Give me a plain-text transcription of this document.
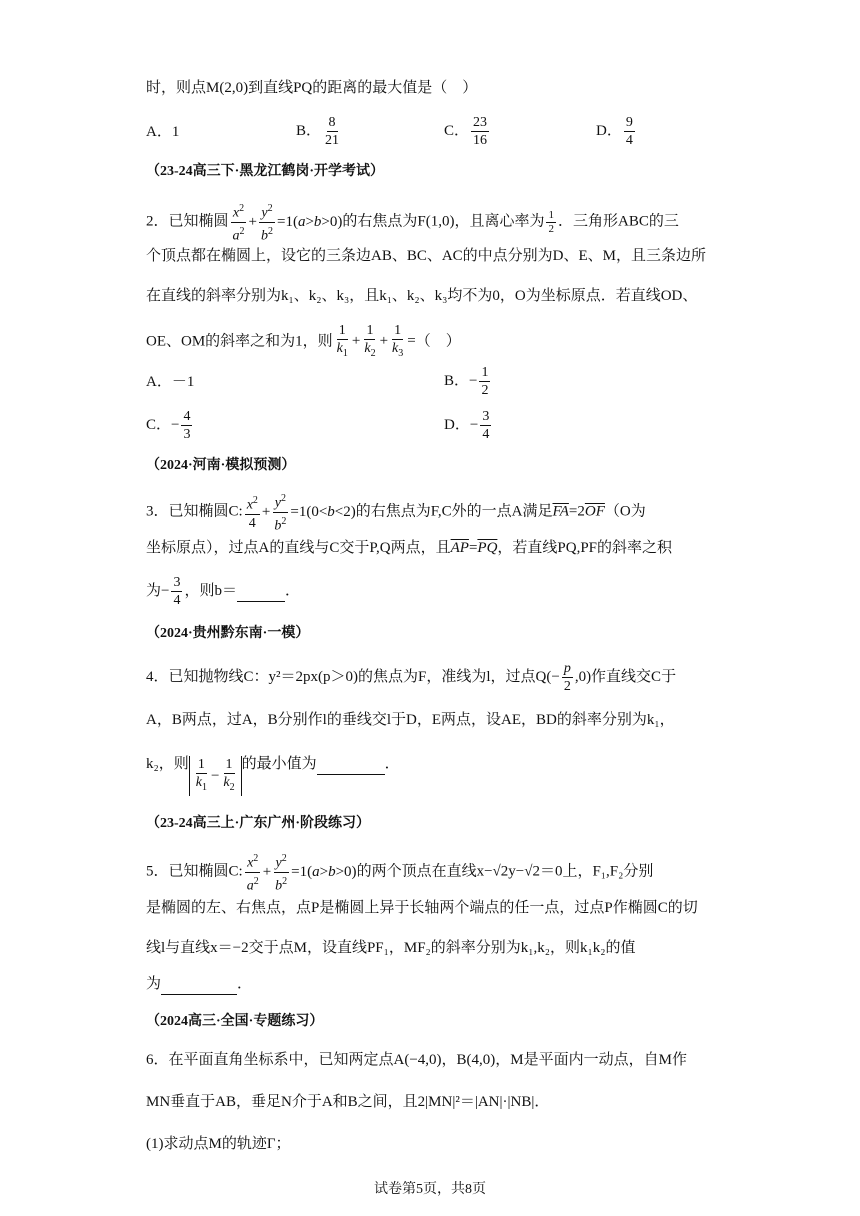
时，则点M(2,0)到直线PQ的距离的最大值是（　）
A．1	B． $\frac{8}{21}$	C． $\frac{23}{16}$	D． $\frac{9}{4}$
（23-24高三下·黑龙江鹤岗·开学考试）
2．已知椭圆 $\frac{x^2}{a^2} + \frac{y^2}{b^2} =1(a>b>0)$的右焦点为F(1,0)，且离心率为 $\frac{1}{2}$ ．三角形ABC的三
个顶点都在椭圆上，设它的三条边AB、BC、AC的中点分别为D、E、M，且三条边所
在直线的斜率分别为k₁、k₂、k₃，且k₁、k₂、k₃均不为0，O为坐标原点．若直线OD、
OE、OM的斜率之和为1，则 $\frac{1}{k_1} + \frac{1}{k_2} + \frac{1}{k_3}$ =（　）
A．－1	B．− $\frac{1}{2}$
C．− $\frac{4}{3}$	D．− $\frac{3}{4}$
（2024·河南·模拟预测）
3．已知椭圆C: $\frac{x^2}{4} + \frac{y^2}{b^2} =1(0<b<2)$的右焦点为F,C外的一点A满足$\overline{FA}=2\overline{OF}(O$为
坐标原点），过点A的直线与C交于P,Q两点，且$\overline{AP}=\overline{PQ}$，若直线PQ,PF的斜率之积
为− $\frac{3}{4}$ ，则b＝	．
（2024·贵州黔东南·一模）
4．已知抛物线C：y²＝2px(p＞0)的焦点为F，准线为l，过点$Q(- \frac{p}{2} ,0)$作直线交C于
A，B两点，过A，B分别作l的垂线交l于D，E两点，设AE，BD的斜率分别为k₁，
k₂，则 $\frac{1}{k_1} - \frac{1}{k_2}$ 的最小值为	．
（23-24高三上·广东广州·阶段练习）
5．已知椭圆C: $\frac{x^2}{a^2} + \frac{y^2}{b^2} =1(a>b>0)$的两个顶点在直线x−√2y−√2＝0上，F₁,F₂分别
是椭圆的左、右焦点，点P是椭圆上异于长轴两个端点的任一点，过点P作椭圆C的切
线l与直线x＝−2交于点M，设直线PF₁，MF₂的斜率分别为k₁,k₂，则k₁k₂的值
为	．
（2024高三·全国·专题练习）
6．在平面直角坐标系中，已知两定点A(−4,0)，B(4,0)，M是平面内一动点，自M作
MN垂直于AB，垂足N介于A和B之间，且2|MN|²＝|AN|·|NB|．
(1)求动点M的轨迹Γ；
试卷第5页，共8页
